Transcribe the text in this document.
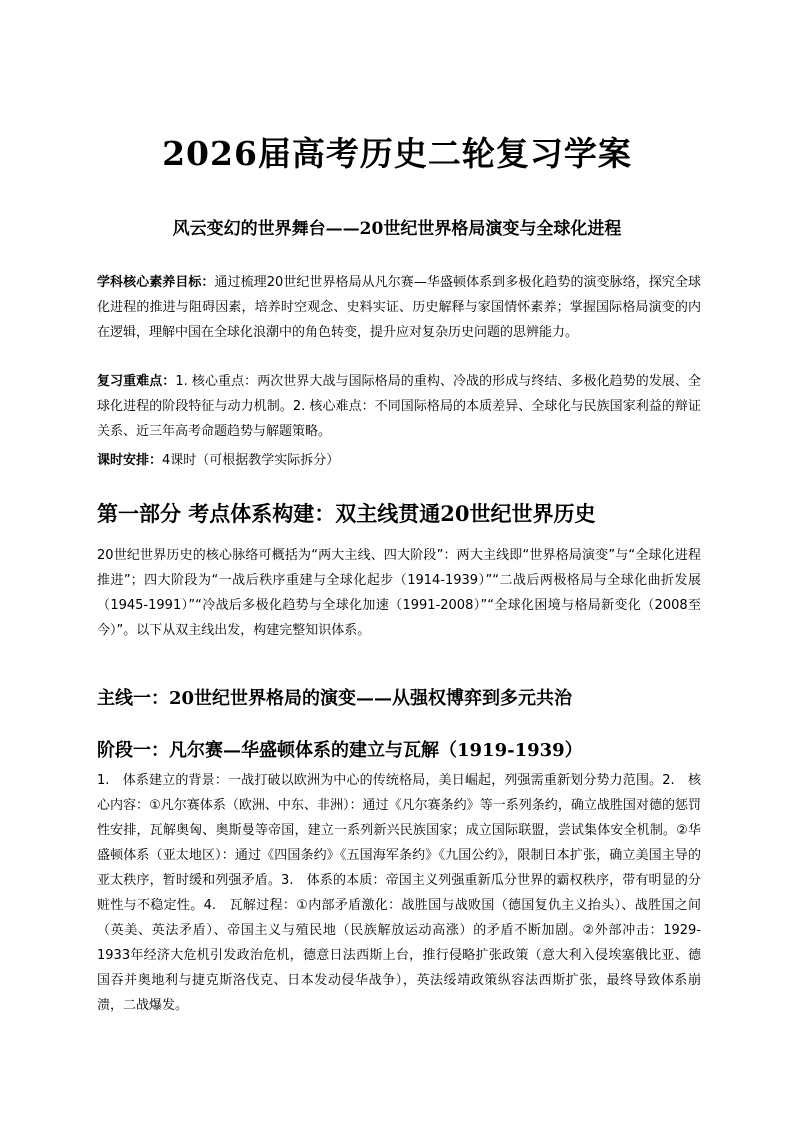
2026届高考历史二轮复习学案
风云变幻的世界舞台——20世纪世界格局演变与全球化进程

学科核心素养目标：通过梳理20世纪世界格局从凡尔赛—华盛顿体系到多极化趋势的演变脉络，探究全球化进程的推进与阻碍因素，培养时空观念、史料实证、历史解释与家国情怀素养；掌握国际格局演变的内在逻辑，理解中国在全球化浪潮中的角色转变，提升应对复杂历史问题的思辨能力。

复习重难点：1. 核心重点：两次世界大战与国际格局的重构、冷战的形成与终结、多极化趋势的发展、全球化进程的阶段特征与动力机制。2. 核心难点：不同国际格局的本质差异、全球化与民族国家利益的辩证关系、近三年高考命题趋势与解题策略。

课时安排：4课时（可根据教学实际拆分）

第一部分 考点体系构建：双主线贯通20世纪世界历史

20世纪世界历史的核心脉络可概括为“两大主线、四大阶段”：两大主线即“世界格局演变”与“全球化进程推进”；四大阶段为“一战后秩序重建与全球化起步（1914-1939）”“二战后两极格局与全球化曲折发展（1945-1991）”“冷战后多极化趋势与全球化加速（1991-2008）”“全球化困境与格局新变化（2008至今）”。以下从双主线出发，构建完整知识体系。

主线一：20世纪世界格局的演变——从强权博弈到多元共治
阶段一：凡尔赛—华盛顿体系的建立与瓦解（1919-1939）

1.　体系建立的背景：一战打破以欧洲为中心的传统格局，美日崛起，列强需重新划分势力范围。2.　核心内容：①凡尔赛体系（欧洲、中东、非洲）：通过《凡尔赛条约》等一系列条约，确立战胜国对德的惩罚性安排，瓦解奥匈、奥斯曼等帝国，建立一系列新兴民族国家；成立国际联盟，尝试集体安全机制。②华盛顿体系（亚太地区）：通过《四国条约》《五国海军条约》《九国公约》，限制日本扩张，确立美国主导的亚太秩序，暂时缓和列强矛盾。3.　体系的本质：帝国主义列强重新瓜分世界的霸权秩序，带有明显的分赃性与不稳定性。4.　瓦解过程：①内部矛盾激化：战胜国与战败国（德国复仇主义抬头）、战胜国之间（英美、英法矛盾）、帝国主义与殖民地（民族解放运动高涨）的矛盾不断加剧。②外部冲击：1929-1933年经济大危机引发政治危机，德意日法西斯上台，推行侵略扩张政策（意大利入侵埃塞俄比亚、德国吞并奥地利与捷克斯洛伐克、日本发动侵华战争），英法绥靖政策纵容法西斯扩张，最终导致体系崩溃，二战爆发。
